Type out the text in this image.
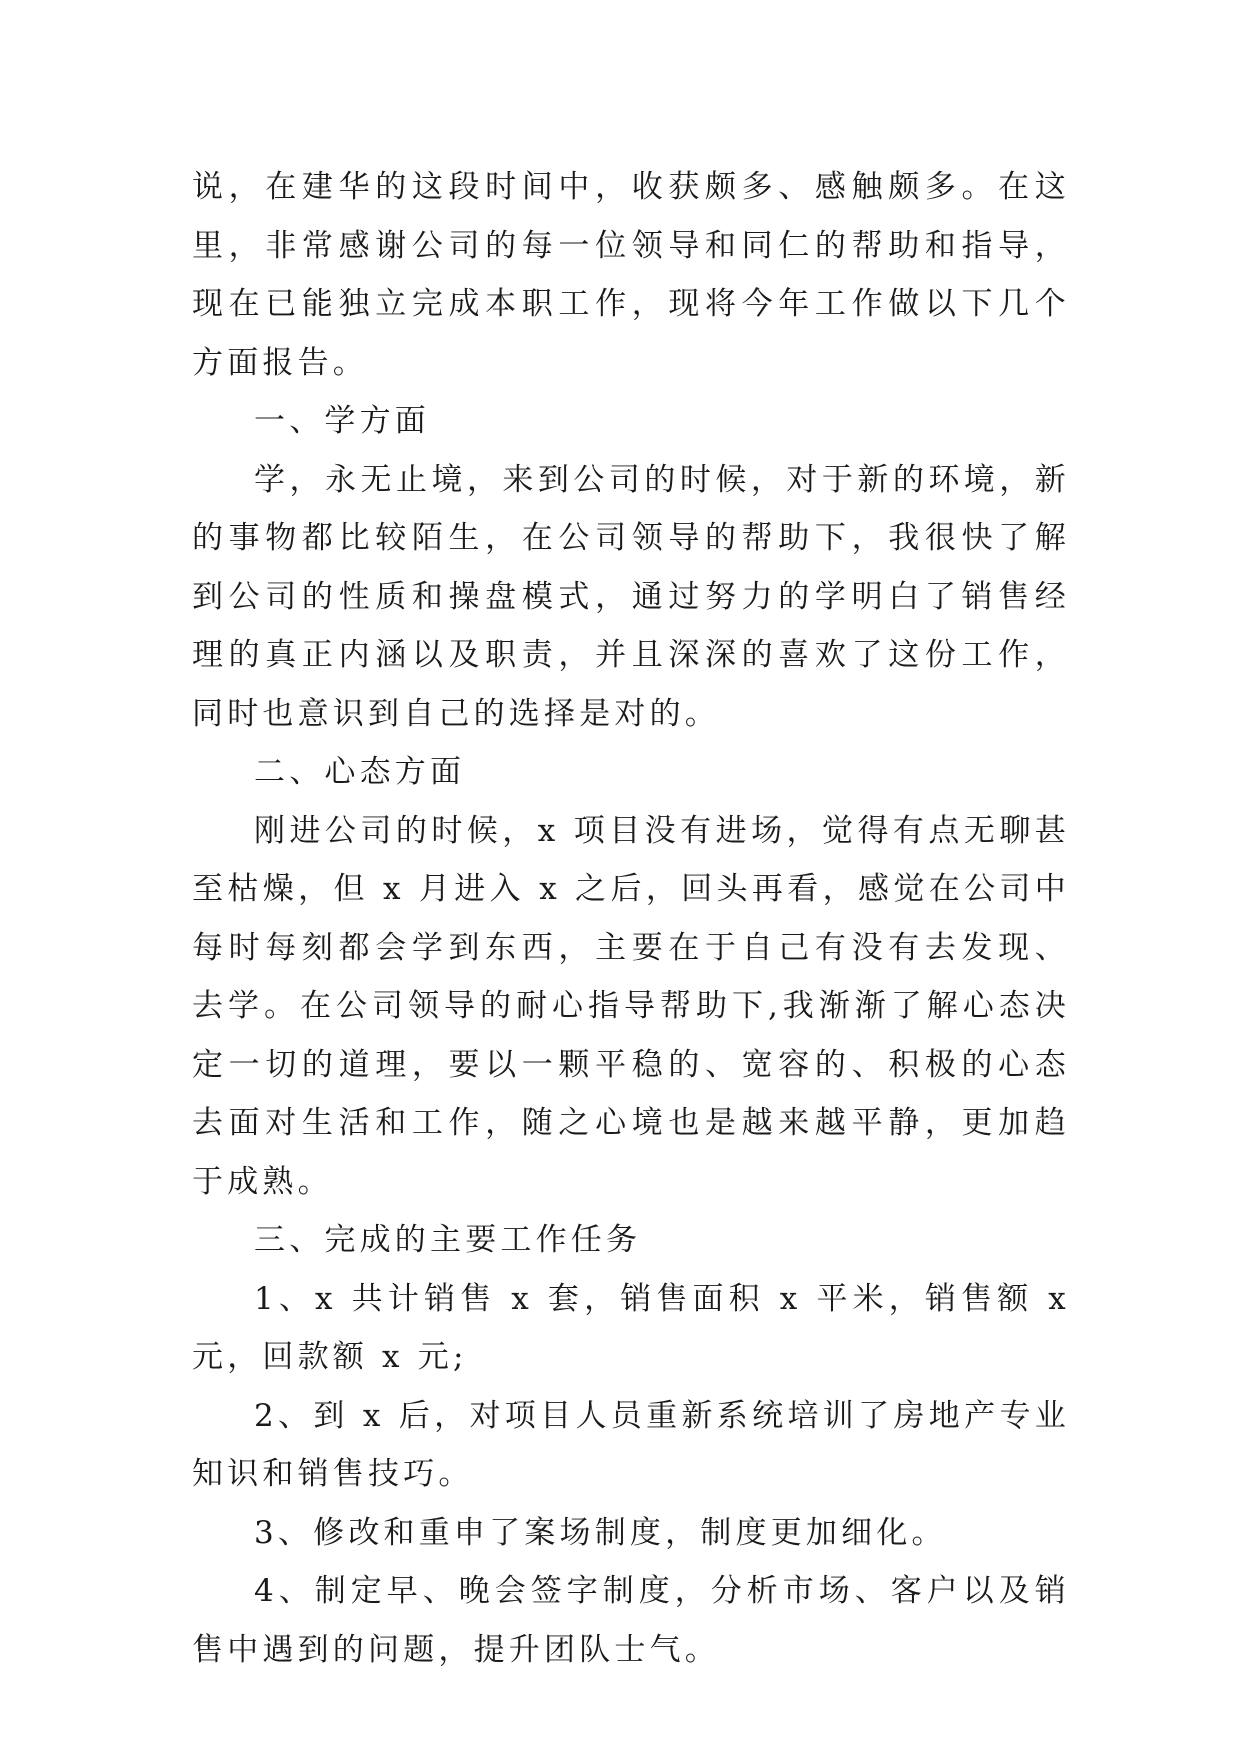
说，在建华的这段时间中，收获颇多、感触颇多。在这里，非常感谢公司的每一位领导和同仁的帮助和指导，现在已能独立完成本职工作，现将今年工作做以下几个方面报告。

一、学方面

学，永无止境，来到公司的时候，对于新的环境，新的事物都比较陌生，在公司领导的帮助下，我很快了解到公司的性质和操盘模式，通过努力的学明白了销售经理的真正内涵以及职责，并且深深的喜欢了这份工作，同时也意识到自己的选择是对的。

二、心态方面

刚进公司的时候，x 项目没有进场，觉得有点无聊甚至枯燥，但 x 月进入 x 之后，回头再看，感觉在公司中每时每刻都会学到东西，主要在于自己有没有去发现、去学。在公司领导的耐心指导帮助下,我渐渐了解心态决定一切的道理，要以一颗平稳的、宽容的、积极的心态去面对生活和工作，随之心境也是越来越平静，更加趋于成熟。

三、完成的主要工作任务

1、x 共计销售 x 套，销售面积 x 平米，销售额 x 元，回款额 x 元;

2、到 x 后，对项目人员重新系统培训了房地产专业知识和销售技巧。

3、修改和重申了案场制度，制度更加细化。

4、制定早、晚会签字制度，分析市场、客户以及销售中遇到的问题，提升团队士气。
